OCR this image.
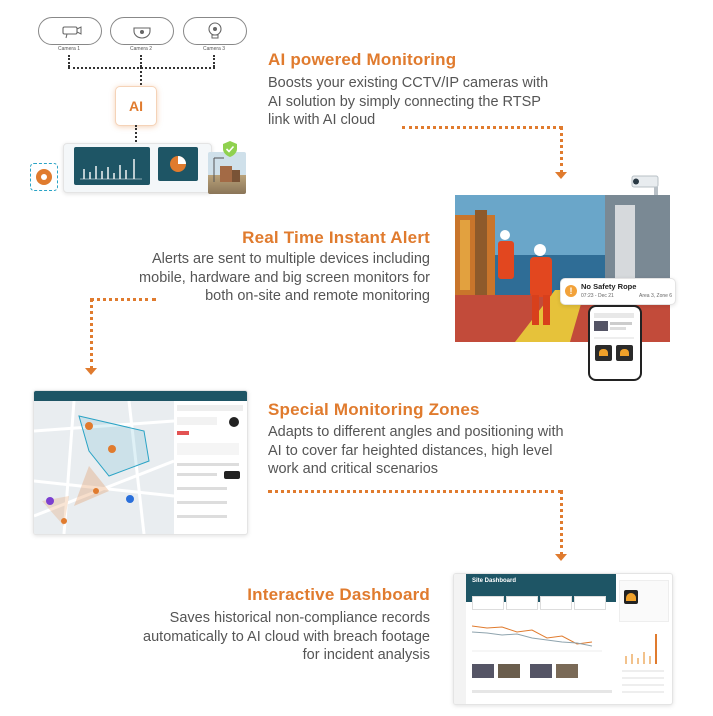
Camera 1	Camera 2	Camera 3
AI
AI powered Monitoring
Boosts your existing CCTV/IP cameras with
AI solution by simply connecting the RTSP
link with AI cloud
!	No Safety Rope
07:23 - Dec 21	Area 3, Zone 6
Real Time Instant Alert
Alerts are sent to multiple devices including
mobile, hardware and big screen monitors for
both on-site and remote monitoring
Special Monitoring Zones
Adapts to different angles and positioning with
AI to cover far heighted distances, high level
work and critical scenarios
Interactive Dashboard
Saves historical non-compliance records
automatically to AI cloud with breach footage
for incident analysis
Site Dashboard
